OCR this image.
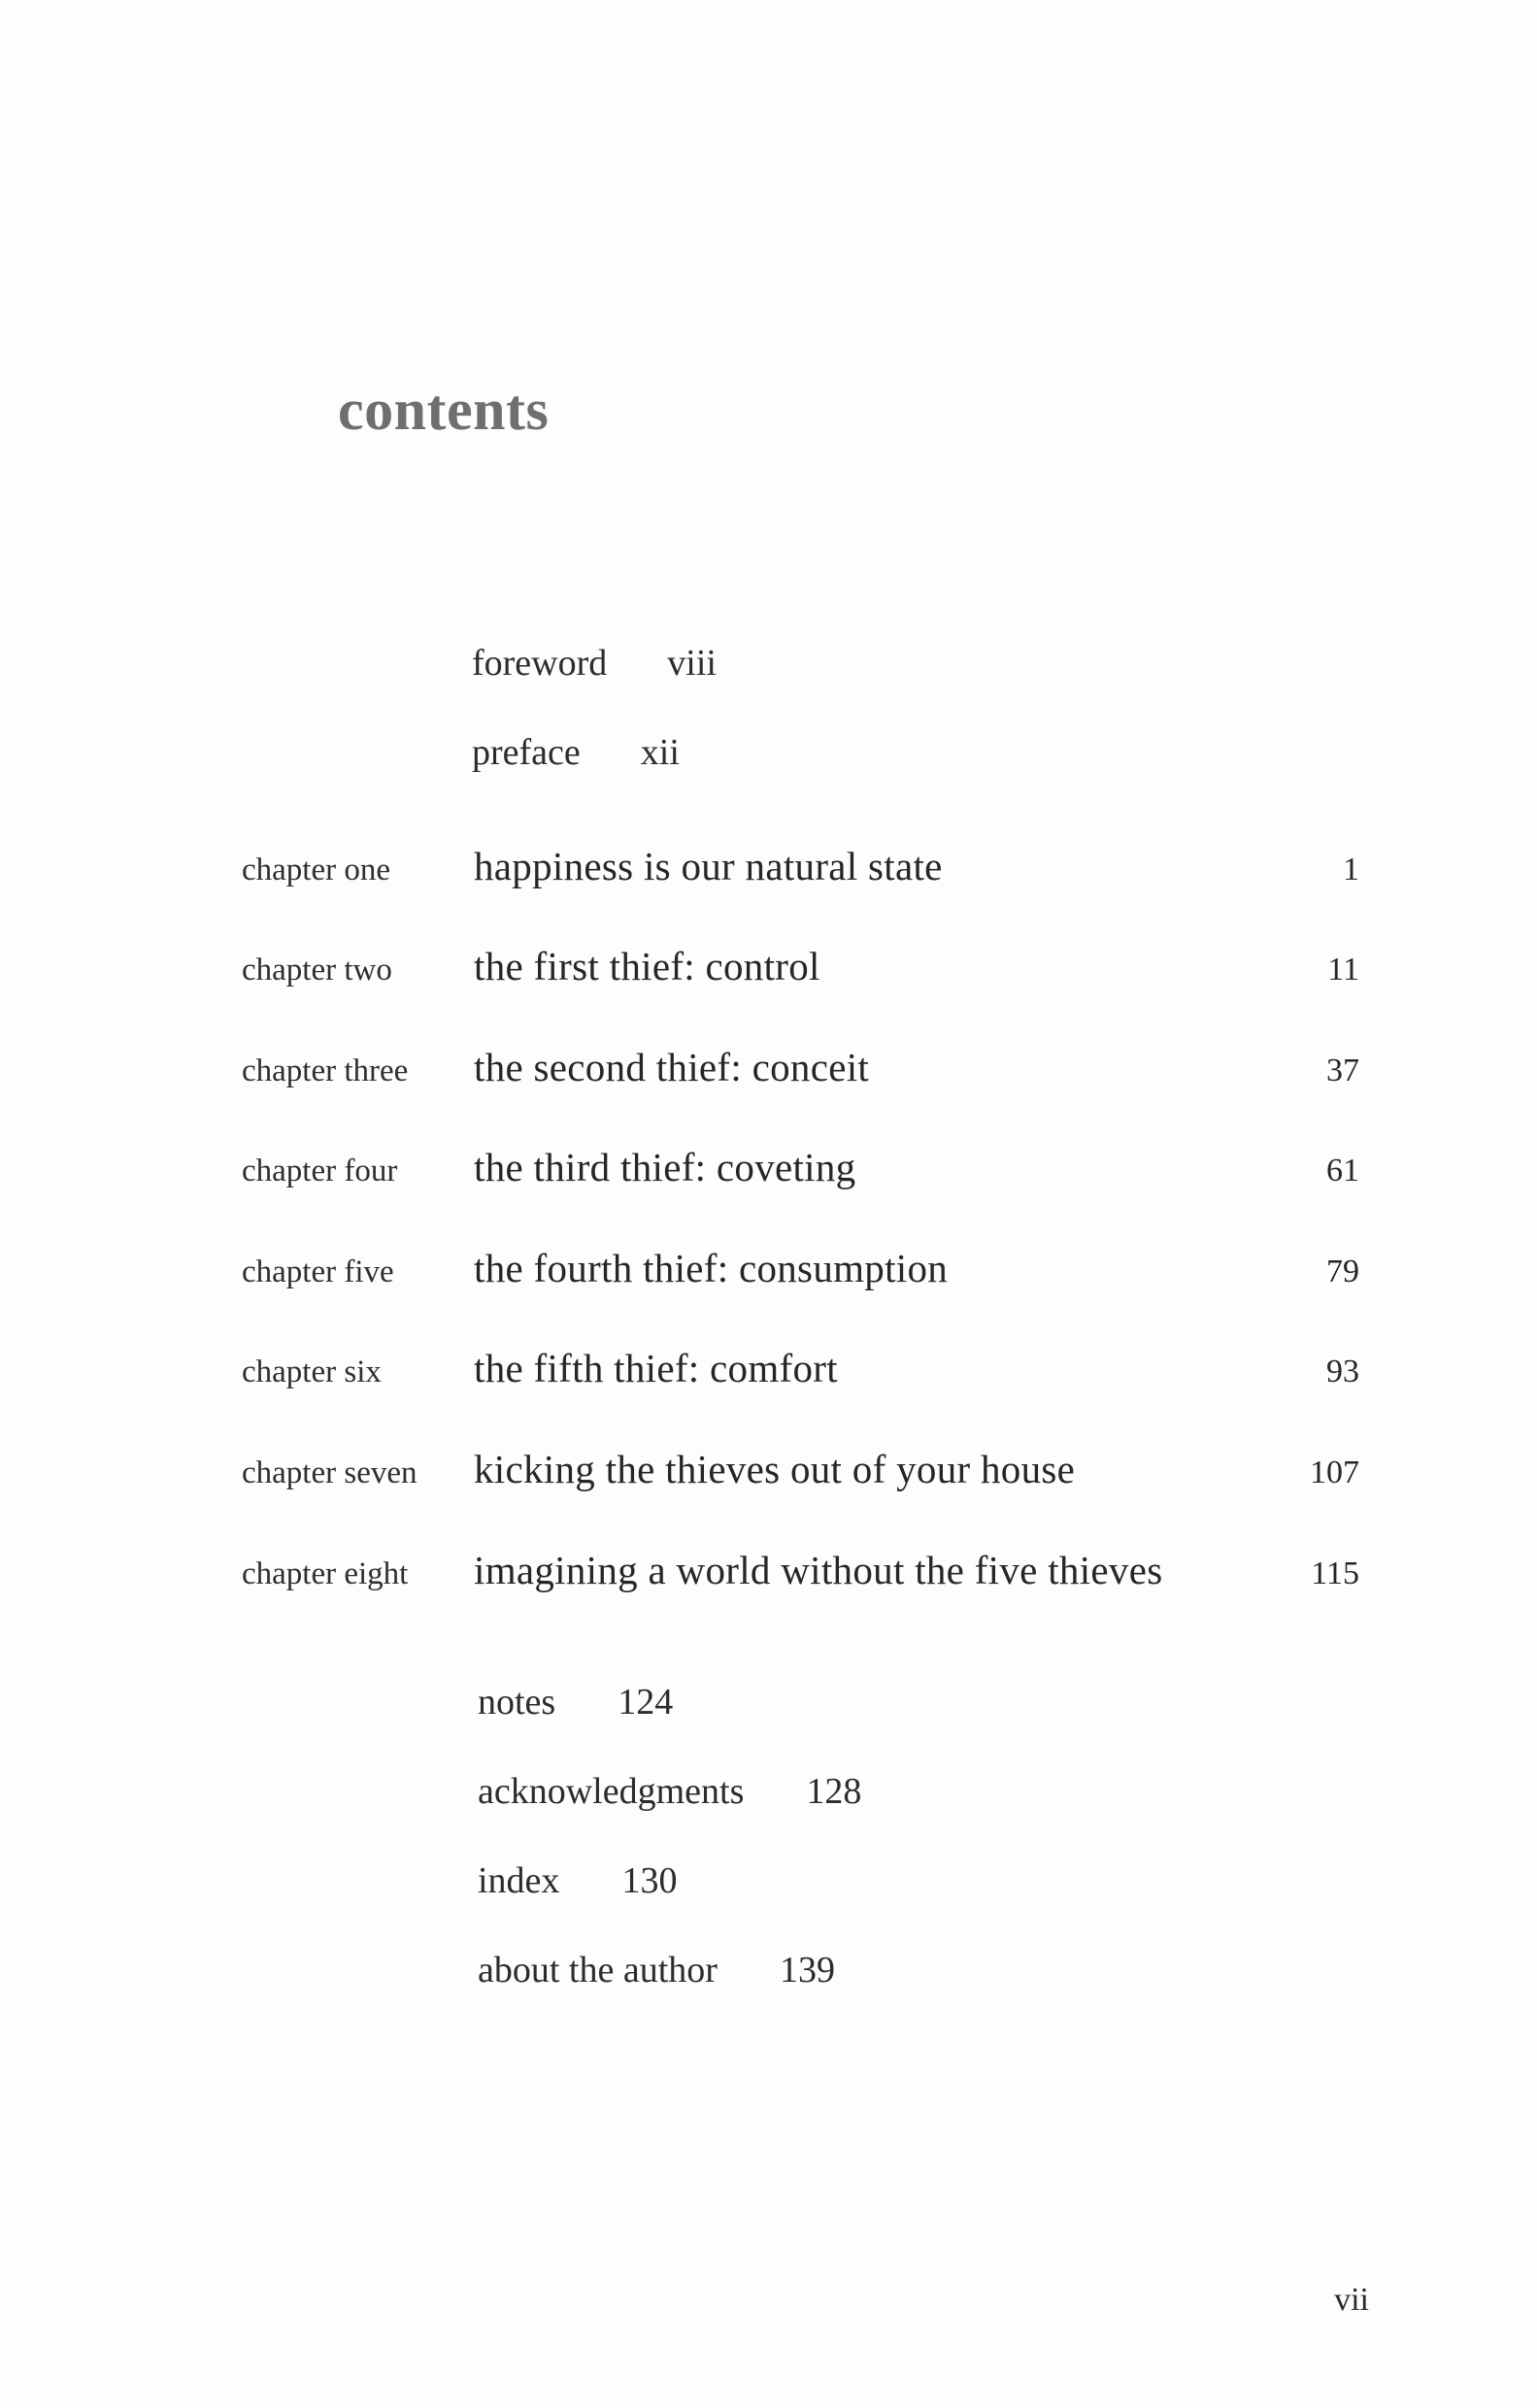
contents
foreword viii
preface xii
chapter one happiness is our natural state	1
chapter two the first thief: control	11
chapter three the second thief: conceit	37
chapter four the third thief: coveting	61
chapter five the fourth thief: consumption	79
chapter six the fifth thief: comfort	93
chapter seven kicking the thieves out of your house	107
chapter eight imagining a world without the five thieves	115
notes 124
acknowledgments 128
index 130
about the author 139
vii
